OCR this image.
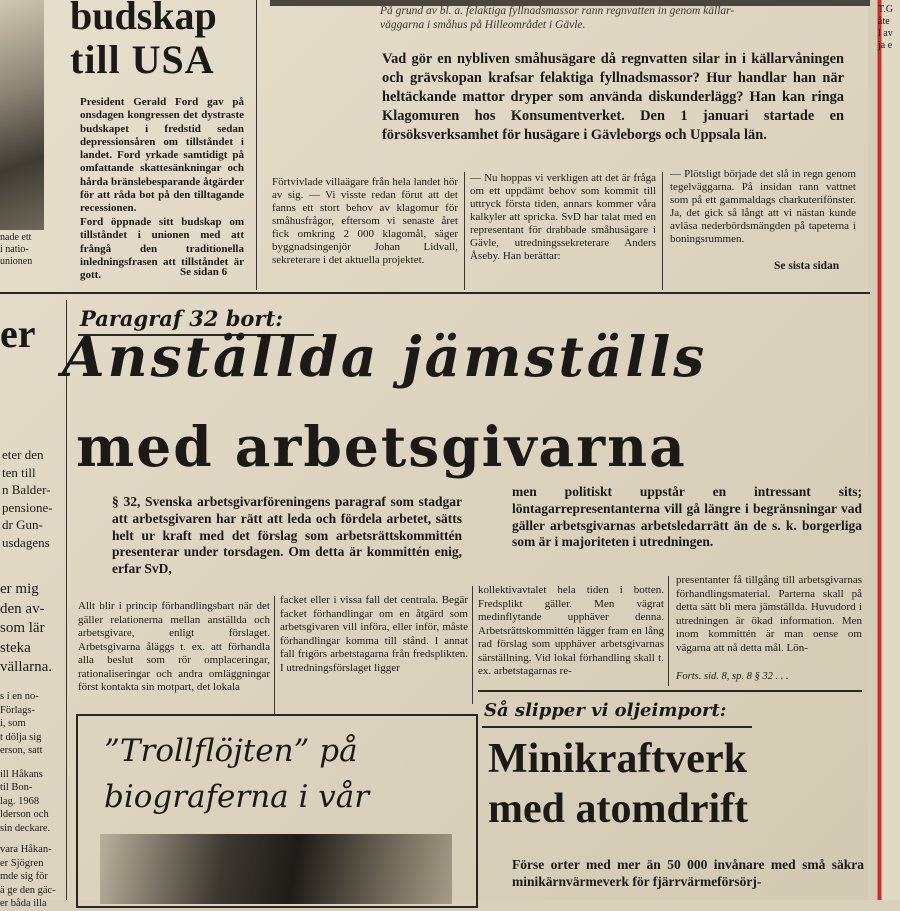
T.G
åte
l av
ja e
nade ett
i natio-
unionen
budskap
till USA
President Gerald Ford gav på onsdagen kongressen det dystraste budskapet i fredstid sedan depressionsåren om tillståndet i landet. Ford yrkade samtidigt på omfattande skattesänkningar och hårda bränslebesparande åtgärder för att råda bot på den tilltagande recessionen.
Ford öppnade sitt budskap om tillståndet i unionen med att frångå den traditionella inledningsfrasen att tillståndet är gott.	Se sidan 6
På grund av bl. a. felaktiga fyllnadsmassor rann regnvatten in genom källar-
väggarna i småhus på Hilleområdet i Gävle.
Vad gör en nybliven småhusägare då regnvatten silar in i källarvåningen och grävskopan krafsar felaktiga fyllnadsmassor? Hur handlar han när heltäckande mattor dryper som använda diskunderlägg? Han kan ringa Klagomuren hos Konsumentverket. Den 1 januari startade en försöksverksamhet för husägare i Gävleborgs och Uppsala län.
Förtvivlade villaägare från hela landet hör av sig. — Vi visste redan förut att det fanns ett stort behov av klagomur för småhusfrågor, eftersom vi senaste året fick omkring 2 000 klagomål, säger byggnadsingenjör Johan Lidvall, sekreterare i det aktuella projektet.
— Nu hoppas vi verkligen att det är fråga om ett uppdämt behov som kommit till uttryck första tiden, annars kommer våra kalkyler att spricka. SvD har talat med en representant för drabbade småhusägare i Gävle, utredningssekreterare Anders Åseby. Han berättar:
— Plötsligt började det slå in regn genom tegelväggarna. På insidan rann vattnet som på ett gammaldags charkuterifönster. Ja, det gick så långt att vi nästan kunde avläsa nederbördsmängden på tapeterna i boningsrummen.
Se sista sidan
er
eter den
ten till
n Balder-
pensione-
dr Gun-
usdagens
er mig
den av-
som lär
steka
vällarna.
s i en no-
Förlags-
i, som
t dölja sig
erson, satt
ill Håkans
til Bon-
lag. 1968
lderson och
sin deckare.
vara Håkan-
er Sjögren
mde sig för
ä ge den gäc-
er båda illa
Paragraf 32 bort:
Anställda jämställs
med arbetsgivarna
§ 32, Svenska arbetsgivarföreningens paragraf som stadgar att arbetsgivaren har rätt att leda och fördela arbetet, sätts helt ur kraft med det förslag som arbetsrättskommittén presenterar under torsdagen. Om detta är kommittén enig, erfar SvD,
men politiskt uppstår en intressant sits; löntagarrepresentanterna vill gå längre i begränsningar vad gäller arbetsgivarnas arbetsledarrätt än de s. k. borgerliga som är i majoriteten i utredningen.
Allt blir i princip förhandlingsbart när det gäller relationerna mellan anställda och arbetsgivare, enligt förslaget. Arbetsgivarna åläggs t. ex. att förhandla alla beslut som rör omplaceringar, rationaliseringar och andra omläggningar först kontakta sin motpart, det lokala
facket eller i vissa fall det centrala. Begär facket förhandlingar om en åtgärd som arbetsgivaren vill införa, eller inför, måste förhandlingar komma till stånd. I annat fall frigörs arbetstagarna från fredsplikten. I utredningsförslaget ligger
kollektivavtalet hela tiden i botten. Fredsplikt gäller. Men vägrat medinflytande upphäver denna. Arbetsrättskommittén lägger fram en lång rad förslag som upphäver arbetsgivarnas särställning. Vid lokal förhandling skall t. ex. arbetstagarnas re-
presentanter få tillgång till arbetsgivarnas förhandlingsmaterial. Parterna skall på detta sätt bli mera jämställda. Huvudord i utredningen är ökad information. Men inom kommittén är man oense om vägarna att nå detta mål. Lön-
Forts. sid. 8, sp. 8 § 32 . . .
”Trollflöjten” på
biograferna i vår
Så slipper vi oljeimport:
Minikraftverk
med atomdrift
Förse orter med mer än 50 000 invånare med små säkra minikärnvärmeverk för fjärrvärmeförsörj-
